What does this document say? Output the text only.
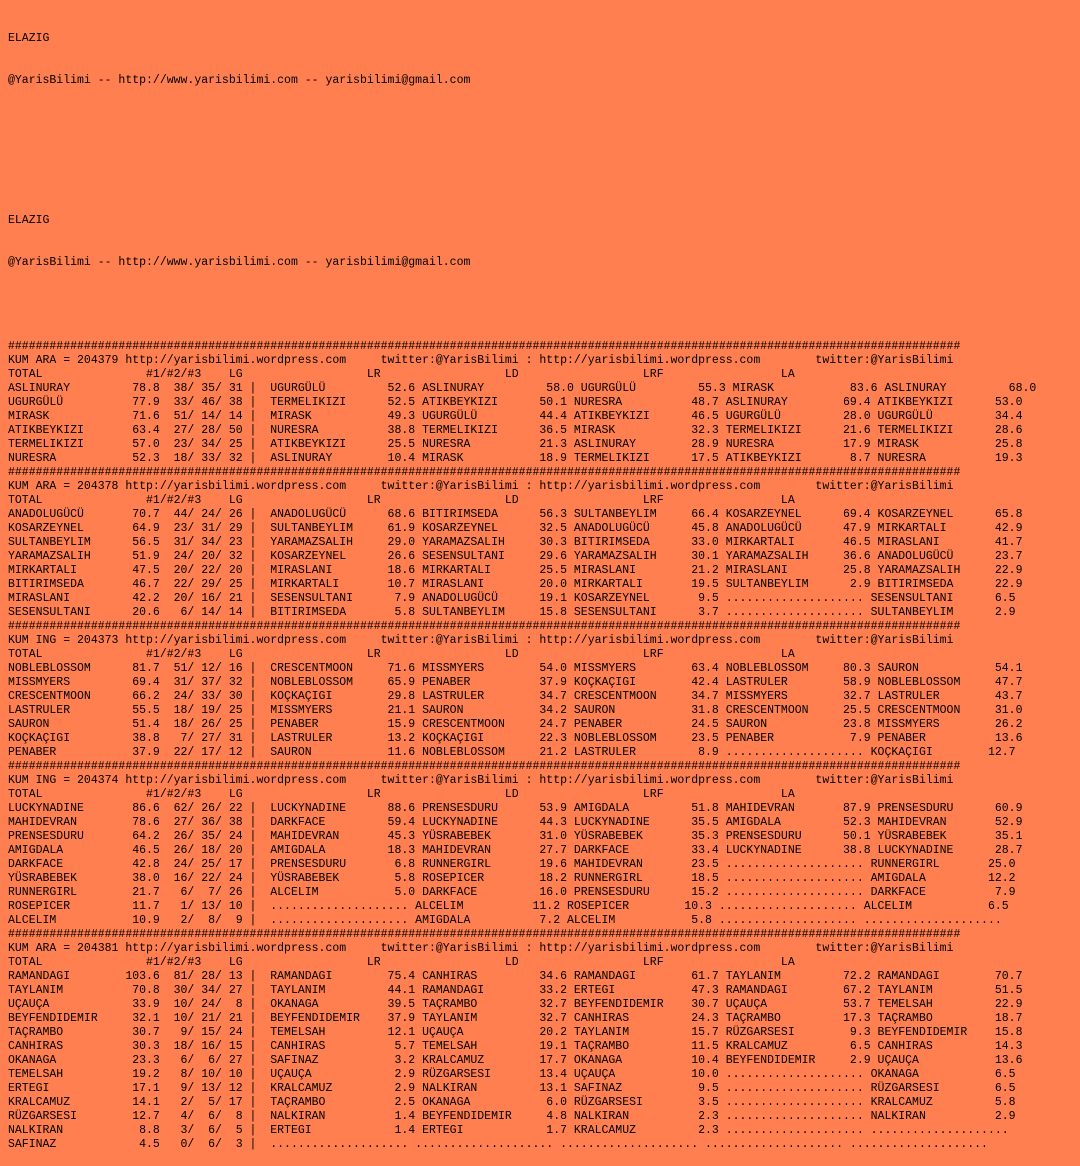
ELAZIG

@YarisBilimi -- http://www.yarisbilimi.com -- yarisbilimi@gmail.com

ELAZIG

@YarisBilimi -- http://www.yarisbilimi.com -- yarisbilimi@gmail.com

##########################################################################################################################################
KUM ARA = 204379 http://yarisbilimi.wordpress.com     twitter:@YarisBilimi : http://yarisbilimi.wordpress.com        twitter:@YarisBilimi
TOTAL               #1/#2/#3    LG                  LR                  LD                  LRF                 LA
ASLINURAY         78.8  38/ 35/ 31 |  UGURGÜLÜ         52.6 ASLINURAY         58.0 UGURGÜLÜ         55.3 MIRASK           83.6 ASLINURAY         68.0
UGURGÜLÜ          77.9  33/ 46/ 38 |  TERMELIKIZI      52.5 ATIKBEYKIZI      50.1 NURESRA          48.7 ASLINURAY        69.4 ATIKBEYKIZI      53.0
MIRASK            71.6  51/ 14/ 14 |  MIRASK           49.3 UGURGÜLÜ         44.4 ATIKBEYKIZI      46.5 UGURGÜLÜ         28.0 UGURGÜLÜ         34.4
ATIKBEYKIZI       63.4  27/ 28/ 50 |  NURESRA          38.8 TERMELIKIZI      36.5 MIRASK           32.3 TERMELIKIZI      21.6 TERMELIKIZI      28.6
TERMELIKIZI       57.0  23/ 34/ 25 |  ATIKBEYKIZI      25.5 NURESRA          21.3 ASLINURAY        28.9 NURESRA          17.9 MIRASK           25.8
NURESRA           52.3  18/ 33/ 32 |  ASLINURAY        10.4 MIRASK           18.9 TERMELIKIZI      17.5 ATIKBEYKIZI       8.7 NURESRA          19.3
##########################################################################################################################################
KUM ARA = 204378 http://yarisbilimi.wordpress.com     twitter:@YarisBilimi : http://yarisbilimi.wordpress.com        twitter:@YarisBilimi
TOTAL               #1/#2/#3    LG                  LR                  LD                  LRF                 LA
ANADOLUGÜCÜ       70.7  44/ 24/ 26 |  ANADOLUGÜCÜ      68.6 BITIRIMSEDA      56.3 SULTANBEYLIM     66.4 KOSARZEYNEL      69.4 KOSARZEYNEL      65.8
KOSARZEYNEL       64.9  23/ 31/ 29 |  SULTANBEYLIM     61.9 KOSARZEYNEL      32.5 ANADOLUGÜCÜ      45.8 ANADOLUGÜCÜ      47.9 MIRKARTALI       42.9
SULTANBEYLIM      56.5  31/ 34/ 23 |  YARAMAZSALIH     29.0 YARAMAZSALIH     30.3 BITIRIMSEDA      33.0 MIRKARTALI       46.5 MIRASLANI        41.7
YARAMAZSALIH      51.9  24/ 20/ 32 |  KOSARZEYNEL      26.6 SESENSULTANI     29.6 YARAMAZSALIH     30.1 YARAMAZSALIH     36.6 ANADOLUGÜCÜ      23.7
MIRKARTALI        47.5  20/ 22/ 20 |  MIRASLANI        18.6 MIRKARTALI       25.5 MIRASLANI        21.2 MIRASLANI        25.8 YARAMAZSALIH     22.9
BITIRIMSEDA       46.7  22/ 29/ 25 |  MIRKARTALI       10.7 MIRASLANI        20.0 MIRKARTALI       19.5 SULTANBEYLIM      2.9 BITIRIMSEDA      22.9
MIRASLANI         42.2  20/ 16/ 21 |  SESENSULTANI      7.9 ANADOLUGÜCÜ      19.1 KOSARZEYNEL       9.5 .................... SESENSULTANI      6.5
SESENSULTANI      20.6   6/ 14/ 14 |  BITIRIMSEDA       5.8 SULTANBEYLIM     15.8 SESENSULTANI      3.7 .................... SULTANBEYLIM      2.9
##########################################################################################################################################
KUM ING = 204373 http://yarisbilimi.wordpress.com     twitter:@YarisBilimi : http://yarisbilimi.wordpress.com        twitter:@YarisBilimi
TOTAL               #1/#2/#3    LG                  LR                  LD                  LRF                 LA
NOBLEBLOSSOM      81.7  51/ 12/ 16 |  CRESCENTMOON     71.6 MISSMYERS        54.0 MISSMYERS        63.4 NOBLEBLOSSOM     80.3 SAURON           54.1
MISSMYERS         69.4  31/ 37/ 32 |  NOBLEBLOSSOM     65.9 PENABER          37.9 KOÇKAÇIGI        42.4 LASTRULER        58.9 NOBLEBLOSSOM     47.7
CRESCENTMOON      66.2  24/ 33/ 30 |  KOÇKAÇIGI        29.8 LASTRULER        34.7 CRESCENTMOON     34.7 MISSMYERS        32.7 LASTRULER        43.7
LASTRULER         55.5  18/ 19/ 25 |  MISSMYERS        21.1 SAURON           34.2 SAURON           31.8 CRESCENTMOON     25.5 CRESCENTMOON     31.0
SAURON            51.4  18/ 26/ 25 |  PENABER          15.9 CRESCENTMOON     24.7 PENABER          24.5 SAURON           23.8 MISSMYERS        26.2
KOÇKAÇIGI         38.8   7/ 27/ 31 |  LASTRULER        13.2 KOÇKAÇIGI        22.3 NOBLEBLOSSOM     23.5 PENABER           7.9 PENABER          13.6
PENABER           37.9  22/ 17/ 12 |  SAURON           11.6 NOBLEBLOSSOM     21.2 LASTRULER         8.9 .................... KOÇKAÇIGI        12.7
##########################################################################################################################################
KUM ING = 204374 http://yarisbilimi.wordpress.com     twitter:@YarisBilimi : http://yarisbilimi.wordpress.com        twitter:@YarisBilimi
TOTAL               #1/#2/#3    LG                  LR                  LD                  LRF                 LA
LUCKYNADINE       86.6  62/ 26/ 22 |  LUCKYNADINE      88.6 PRENSESDURU      53.9 AMIGDALA         51.8 MAHIDEVRAN       87.9 PRENSESDURU      60.9
MAHIDEVRAN        78.6  27/ 36/ 38 |  DARKFACE         59.4 LUCKYNADINE      44.3 LUCKYNADINE      35.5 AMIGDALA         52.3 MAHIDEVRAN       52.9
PRENSESDURU       64.2  26/ 35/ 24 |  MAHIDEVRAN       45.3 YÜSRABEBEK       31.0 YÜSRABEBEK       35.3 PRENSESDURU      50.1 YÜSRABEBEK       35.1
AMIGDALA          46.5  26/ 18/ 20 |  AMIGDALA         18.3 MAHIDEVRAN       27.7 DARKFACE         33.4 LUCKYNADINE      38.8 LUCKYNADINE      28.7
DARKFACE          42.8  24/ 25/ 17 |  PRENSESDURU       6.8 RUNNERGIRL       19.6 MAHIDEVRAN       23.5 .................... RUNNERGIRL       25.0
YÜSRABEBEK        38.0  16/ 22/ 24 |  YÜSRABEBEK        5.8 ROSEPICER        18.2 RUNNERGIRL       18.5 .................... AMIGDALA         12.2
RUNNERGIRL        21.7   6/  7/ 26 |  ALCELIM           5.0 DARKFACE         16.0 PRENSESDURU      15.2 .................... DARKFACE          7.9
ROSEPICER         11.7   1/ 13/ 10 |  .................... ALCELIM          11.2 ROSEPICER        10.3 .................... ALCELIM           6.5
ALCELIM           10.9   2/  8/  9 |  .................... AMIGDALA          7.2 ALCELIM           5.8 .................... ....................
##########################################################################################################################################
KUM ARA = 204381 http://yarisbilimi.wordpress.com     twitter:@YarisBilimi : http://yarisbilimi.wordpress.com        twitter:@YarisBilimi
TOTAL               #1/#2/#3    LG                  LR                  LD                  LRF                 LA
RAMANDAGI        103.6  81/ 28/ 13 |  RAMANDAGI        75.4 CANHIRAS         34.6 RAMANDAGI        61.7 TAYLANIM         72.2 RAMANDAGI        70.7
TAYLANIM          70.8  30/ 34/ 27 |  TAYLANIM         44.1 RAMANDAGI        33.2 ERTEGI           47.3 RAMANDAGI        67.2 TAYLANIM         51.5
UÇAUÇA            33.9  10/ 24/  8 |  OKANAGA          39.5 TAÇRAMBO         32.7 BEYFENDIDEMIR    30.7 UÇAUÇA           53.7 TEMELSAH         22.9
BEYFENDIDEMIR     32.1  10/ 21/ 21 |  BEYFENDIDEMIR    37.9 TAYLANIM         32.7 CANHIRAS         24.3 TAÇRAMBO         17.3 TAÇRAMBO         18.7
TAÇRAMBO          30.7   9/ 15/ 24 |  TEMELSAH         12.1 UÇAUÇA           20.2 TAYLANIM         15.7 RÜZGARSESI        9.3 BEYFENDIDEMIR    15.8
CANHIRAS          30.3  18/ 16/ 15 |  CANHIRAS          5.7 TEMELSAH         19.1 TAÇRAMBO         11.5 KRALCAMUZ         6.5 CANHIRAS         14.3
OKANAGA           23.3   6/  6/ 27 |  SAFINAZ           3.2 KRALCAMUZ        17.7 OKANAGA          10.4 BEYFENDIDEMIR     2.9 UÇAUÇA           13.6
TEMELSAH          19.2   8/ 10/ 10 |  UÇAUÇA            2.9 RÜZGARSESI       13.4 UÇAUÇA           10.0 .................... OKANAGA           6.5
ERTEGI            17.1   9/ 13/ 12 |  KRALCAMUZ         2.9 NALKIRAN         13.1 SAFINAZ           9.5 .................... RÜZGARSESI        6.5
KRALCAMUZ         14.1   2/  5/ 17 |  TAÇRAMBO          2.5 OKANAGA           6.0 RÜZGARSESI        3.5 .................... KRALCAMUZ         5.8
RÜZGARSESI        12.7   4/  6/  8 |  NALKIRAN          1.4 BEYFENDIDEMIR     4.8 NALKIRAN          2.3 .................... NALKIRAN          2.9
NALKIRAN           8.8   3/  6/  5 |  ERTEGI            1.4 ERTEGI            1.7 KRALCAMUZ         2.3 .................... ....................
SAFINAZ            4.5   0/  6/  3 |  .................... .................... .................... .................... ....................
